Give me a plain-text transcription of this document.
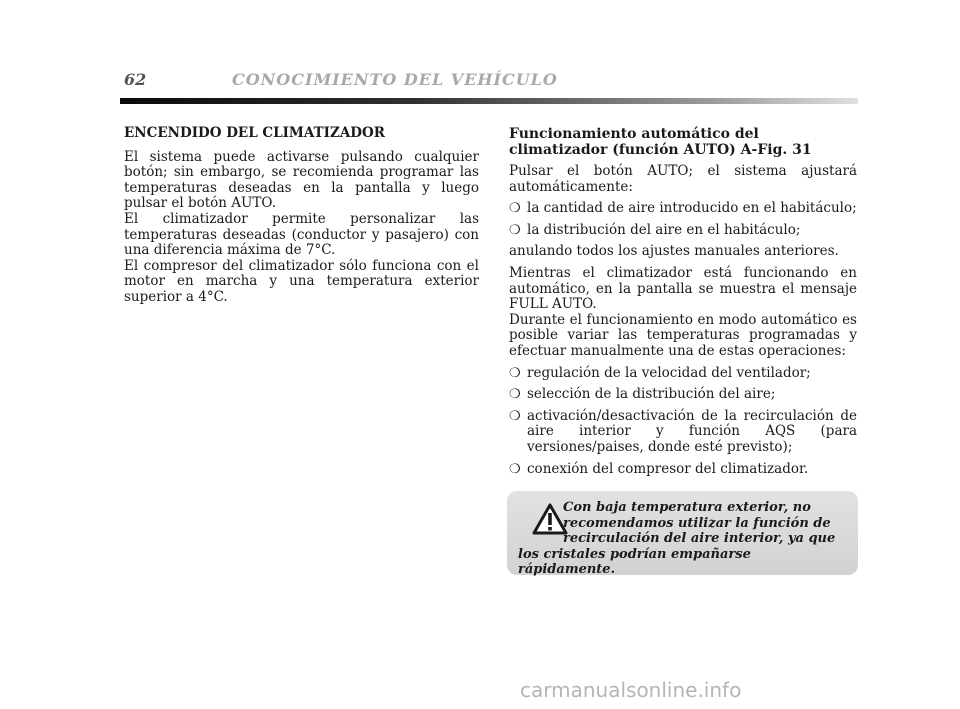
62	CONOCIMIENTO DEL VEHÍCULO
ENCENDIDO DEL CLIMATIZADOR

El sistema puede activarse pulsando cualquier botón; sin embargo, se recomienda programar las temperaturas deseadas en la pantalla y luego pulsar el botón AUTO.

El climatizador permite personalizar las temperaturas deseadas (conductor y pasajero) con una diferencia máxima de 7°C.

El compresor del climatizador sólo funciona con el motor en marcha y una temperatura exterior superior a 4°C.

Funcionamiento automático del climatizador (función AUTO) A-Fig. 31

Pulsar el botón AUTO; el sistema ajustará automáticamente:

❍ la cantidad de aire introducido en el habitáculo;
❍ la distribución del aire en el habitáculo;

anulando todos los ajustes manuales anteriores.

Mientras el climatizador está funcionando en automático, en la pantalla se muestra el mensaje FULL AUTO.

Durante el funcionamiento en modo automático es posible variar las temperaturas programadas y efectuar manualmente una de estas operaciones:

❍ regulación de la velocidad del ventilador;
❍ selección de la distribución del aire;
❍ activación/desactivación de la recirculación de aire interior y función AQS (para versiones/paises, donde esté previsto);
❍ conexión del compresor del climatizador.
Con baja temperatura exterior, no recomendamos utilizar la función de recirculación del aire interior, ya que los cristales podrían empañarse rápidamente.
carmanualsonline.info
